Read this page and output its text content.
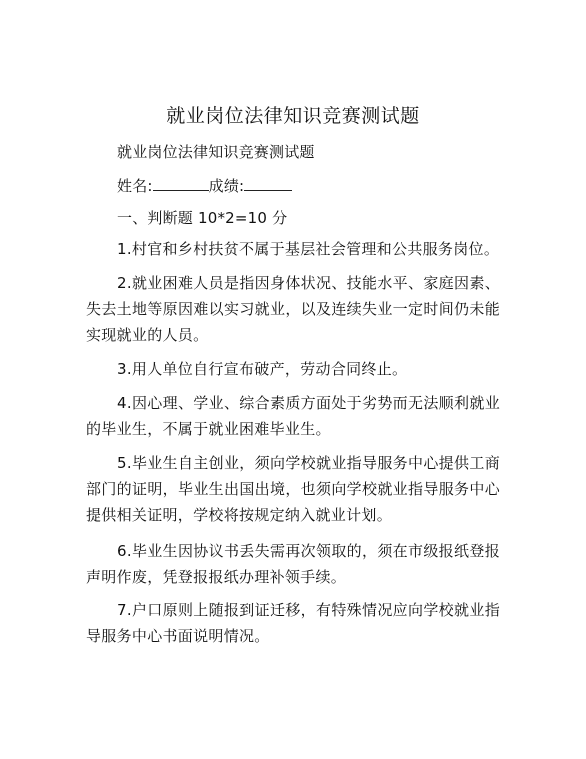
就业岗位法律知识竞赛测试题
就业岗位法律知识竞赛测试题
姓名:	成绩:
一、判断题 10*2=10 分
1.村官和乡村扶贫不属于基层社会管理和公共服务岗位。
2.就业困难人员是指因身体状况、技能水平、家庭因素、失去土地等原因难以实习就业，以及连续失业一定时间仍未能实现就业的人员。
3.用人单位自行宣布破产，劳动合同终止。
4.因心理、学业、综合素质方面处于劣势而无法顺利就业的毕业生，不属于就业困难毕业生。
5.毕业生自主创业，须向学校就业指导服务中心提供工商部门的证明，毕业生出国出境，也须向学校就业指导服务中心提供相关证明，学校将按规定纳入就业计划。
6.毕业生因协议书丢失需再次领取的，须在市级报纸登报声明作废，凭登报报纸办理补领手续。
7.户口原则上随报到证迁移，有特殊情况应向学校就业指导服务中心书面说明情况。
